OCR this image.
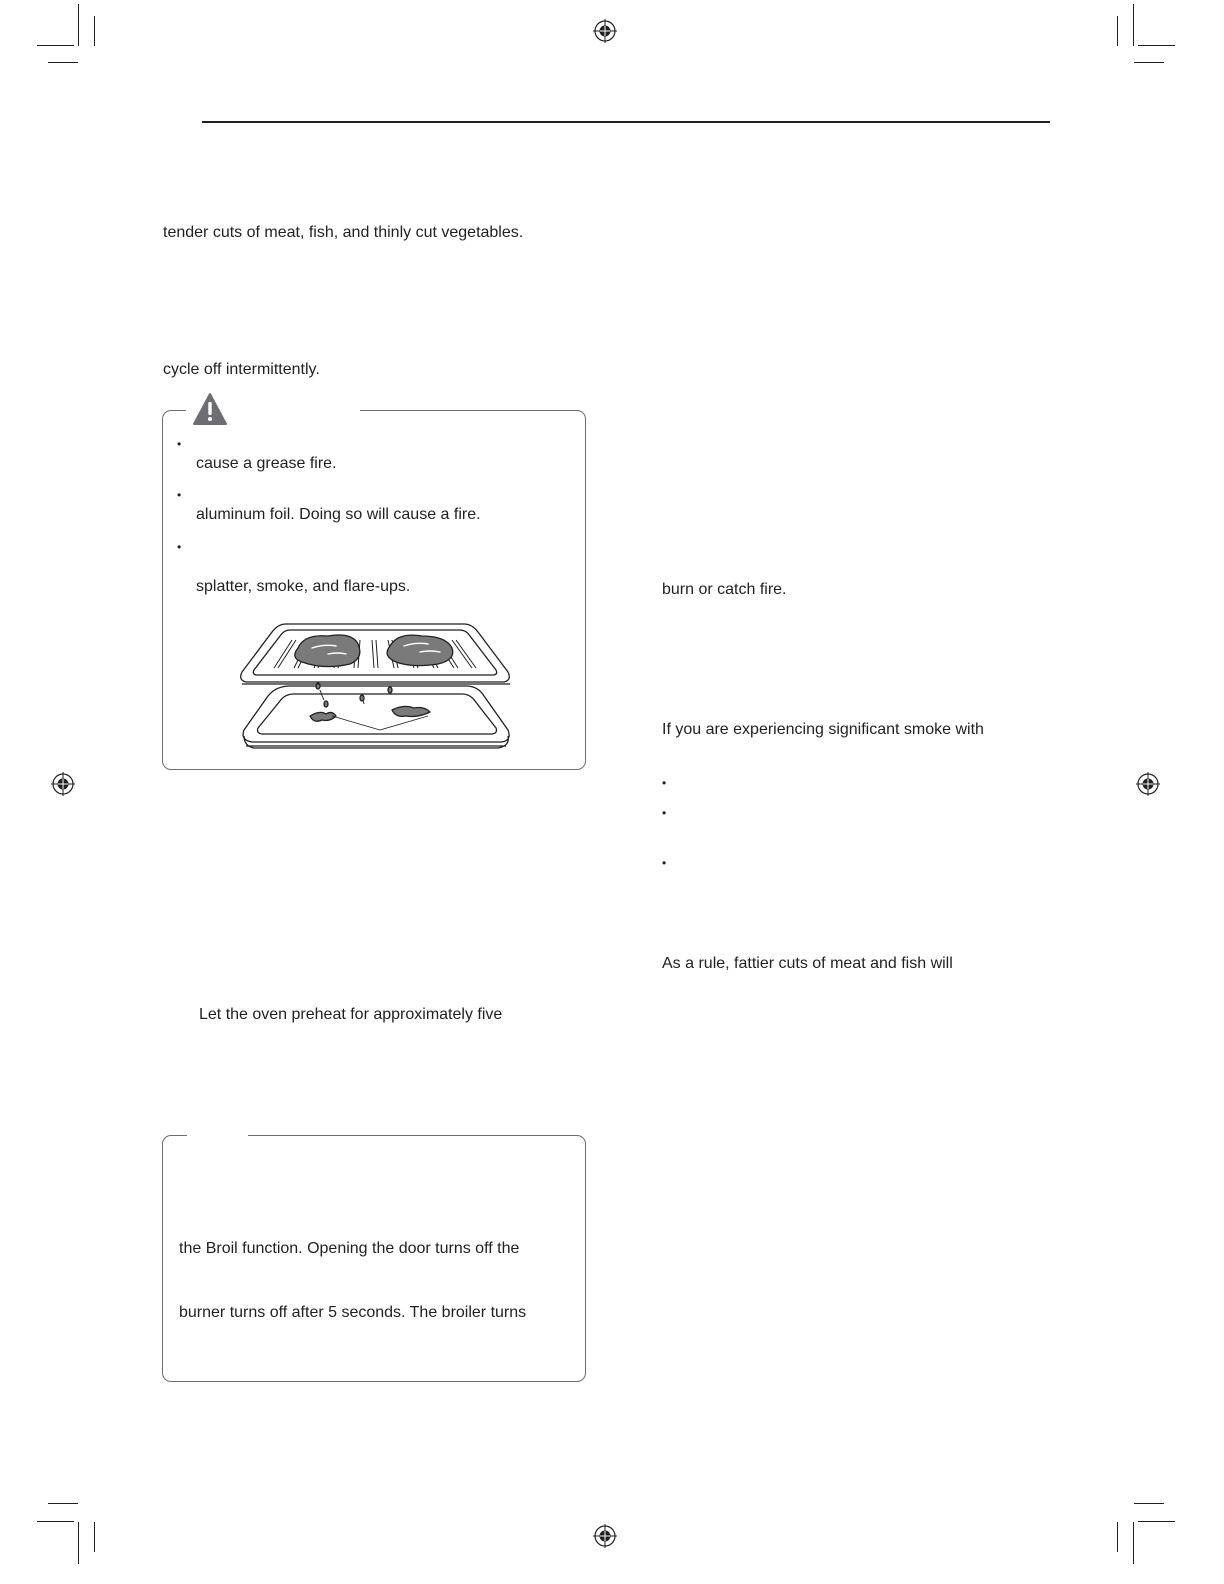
tender cuts of meat, fish, and thinly cut vegetables.
cycle off intermittently.
•
cause a grease fire.
•
aluminum foil. Doing so will cause a fire.
•
splatter, smoke, and flare-ups.
Let the oven preheat for approximately five
the Broil function. Opening the door turns off the
burner turns off after 5 seconds. The broiler turns
burn or catch fire.
If you are experiencing significant smoke with
•
•
•
As a rule, fattier cuts of meat and fish will
